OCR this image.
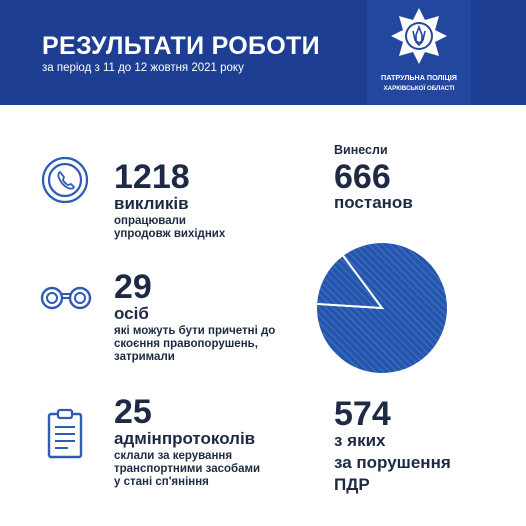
РЕЗУЛЬТАТИ РОБОТИ
за період з 11 до 12 жовтня 2021 року
ПАТРУЛЬНА ПОЛІЦІЯ
ХАРКІВСЬКОЇ ОБЛАСТІ
1218
викликів
опрацювали
упродовж вихідних
29
осіб
які можуть бути причетні до
скоєння правопорушень,
затримали
25
адмінпротоколів
склали за керування
транспортними засобами
у стані сп'яніння
Винесли
666
постанов
574
з яких
за порушення
ПДР
